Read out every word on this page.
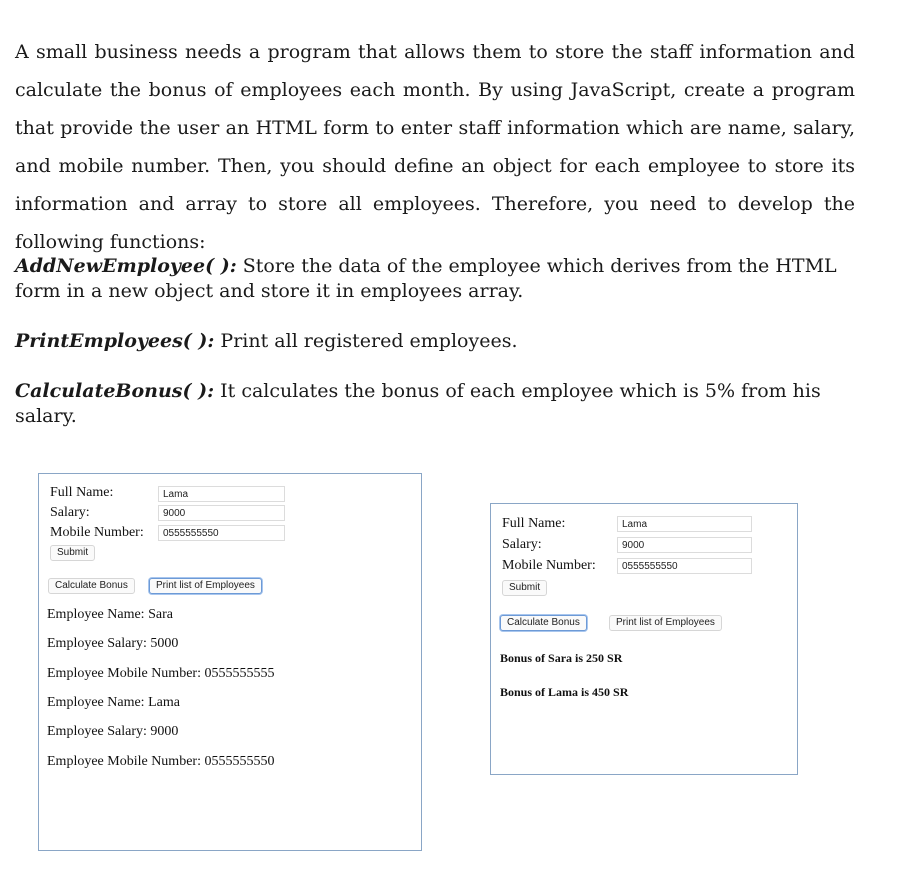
A small business needs a program that allows them to store the staff information and calculate the bonus of employees each month. By using JavaScript, create a program that provide the user an HTML form to enter staff information which are name, salary, and mobile number. Then, you should define an object for each employee to store its information and array to store all employees. Therefore, you need to develop the following functions:

AddNewEmployee( ): Store the data of the employee which derives from the HTML form in a new object and store it in employees array.

PrintEmployees( ): Print all registered employees.

CalculateBonus( ): It calculates the bonus of each employee which is 5% from his salary.

Full Name:	Lama
Salary:	9000
Mobile Number:	0555555550
Submit
Calculate Bonus	Print list of Employees
Employee Name: Sara
Employee Salary: 5000
Employee Mobile Number: 0555555555
Employee Name: Lama
Employee Salary: 9000
Employee Mobile Number: 0555555550
Full Name:	Lama
Salary:	9000
Mobile Number:	0555555550
Submit
Calculate Bonus	Print list of Employees
Bonus of Sara is 250 SR
Bonus of Lama is 450 SR
